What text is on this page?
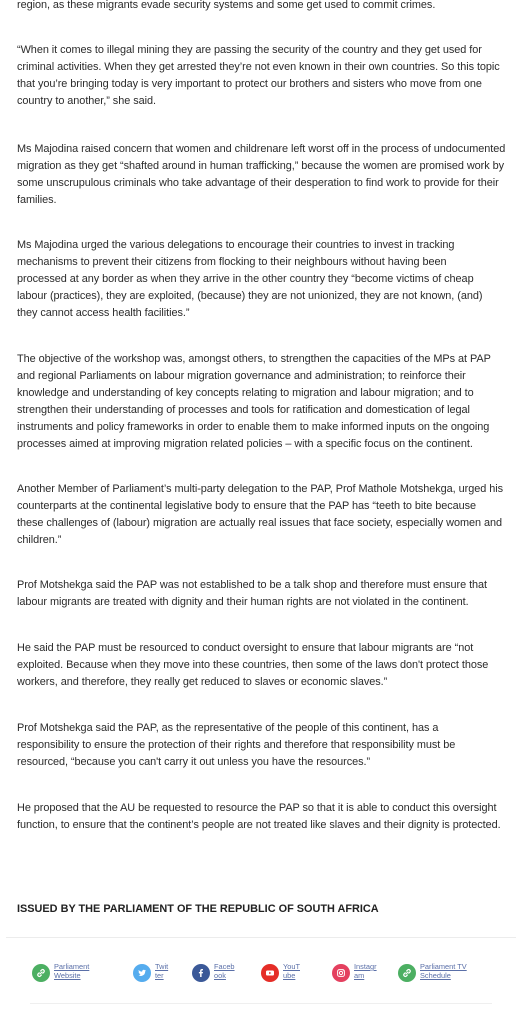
region, as these migrants evade security systems and some get used to commit crimes.

“When it comes to illegal mining they are passing the security of the country and they get used for criminal activities. When they get arrested they’re not even known in their own countries. So this topic that you’re bringing today is very important to protect our brothers and sisters who move from one country to another,” she said.

Ms Majodina raised concern that women and childrenare left worst off in the process of undocumented migration as they get “shafted around in human trafficking,” because the women are promised work by some unscrupulous criminals who take advantage of their desperation to find work to provide for their families.

Ms Majodina urged the various delegations to encourage their countries to invest in tracking mechanisms to prevent their citizens from flocking to their neighbours without having been processed at any border as when they arrive in the other country they “become victims of cheap labour (practices), they are exploited, (because) they are not unionized, they are not known, (and) they cannot access health facilities.”

The objective of the workshop was, amongst others, to strengthen the capacities of the MPs at PAP and regional Parliaments on labour migration governance and administration; to reinforce their knowledge and understanding of key concepts relating to migration and labour migration; and to strengthen their understanding of processes and tools for ratification and domestication of legal instruments and policy frameworks in order to enable them to make informed inputs on the ongoing processes aimed at improving migration related policies – with a specific focus on the continent.

Another Member of Parliament’s multi-party delegation to the PAP, Prof Mathole Motshekga, urged his counterparts at the continental legislative body to ensure that the PAP has “teeth to bite because these challenges of (labour) migration are actually real issues that face society, especially women and children.”

Prof Motshekga said the PAP was not established to be a talk shop and therefore must ensure that labour migrants are treated with dignity and their human rights are not violated in the continent.

He said the PAP must be resourced to conduct oversight to ensure that labour migrants are “not exploited. Because when they move into these countries, then some of the laws don't protect those workers, and therefore, they really get reduced to slaves or economic slaves.”

Prof Motshekga said the PAP, as the representative of the people of this continent, has a responsibility to ensure the protection of their rights and therefore that responsibility must be resourced, “because you can't carry it out unless you have the resources.”

He proposed that the AU be requested to resource the PAP so that it is able to conduct this oversight function, to ensure that the continent’s people are not treated like slaves and their dignity is protected.

ISSUED BY THE PARLIAMENT OF THE REPUBLIC OF SOUTH AFRICA
Parliament
Website
Twit
ter
Faceb
ook
YouT
ube
Instagr
am
Parliament TV
Schedule
